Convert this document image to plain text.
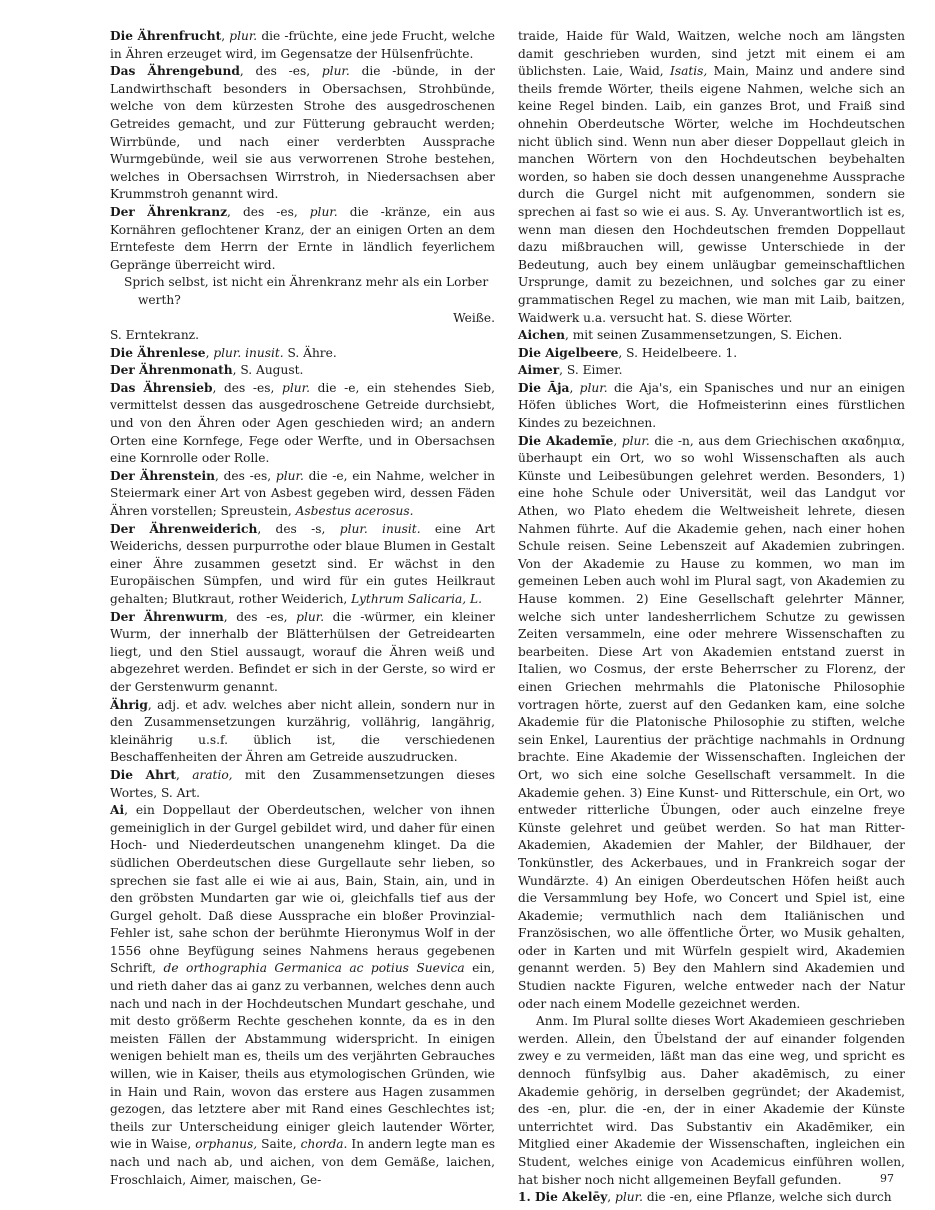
Die Ährenfrucht, plur. die -früchte, eine jede Frucht, welche in Ähren erzeuget wird, im Gegensatze der Hülsenfrüchte.

Das Ährengebund, des -es, plur. die -bünde, in der Landwirthschaft besonders in Obersachsen, Strohbünde, welche von dem kürzesten Strohe des ausgedroschenen Getreides gemacht, und zur Fütterung gebraucht werden; Wirrbünde, und nach einer verderbten Aussprache Wurmgebünde, weil sie aus verworrenen Strohe bestehen, welches in Obersachsen Wirrstroh, in Niedersachsen aber Krummstroh genannt wird.

Der Ährenkranz, des -es, plur. die -kränze, ein aus Kornähren geflochtener Kranz, der an einigen Orten an dem Erntefeste dem Herrn der Ernte in ländlich feyerlichem Gepränge überreicht wird.

Sprich selbst, ist nicht ein Ährenkranz mehr als ein Lorber
werth?

Weiße.

S. Erntekranz.

Die Ährenlese, plur. inusit. S. Ähre.

Der Ährenmonath, S. August.

Das Ährensieb, des -es, plur. die -e, ein stehendes Sieb, vermittelst dessen das ausgedroschene Getreide durchsiebt, und von den Ähren oder Agen geschieden wird; an andern Orten eine Kornfege, Fege oder Werfte, und in Obersachsen eine Kornrolle oder Rolle.

Der Ährenstein, des -es, plur. die -e, ein Nahme, welcher in Steiermark einer Art von Asbest gegeben wird, dessen Fäden Ähren vorstellen; Spreustein, Asbestus acerosus.

Der Ährenweiderich, des -s, plur. inusit. eine Art Weiderichs, dessen purpurrothe oder blaue Blumen in Gestalt einer Ähre zusammen gesetzt sind. Er wächst in den Europäischen Sümpfen, und wird für ein gutes Heilkraut gehalten; Blutkraut, rother Weiderich, Lythrum Salicaria, L.

Der Ährenwurm, des -es, plur. die -würmer, ein kleiner Wurm, der innerhalb der Blätterhülsen der Getreidearten liegt, und den Stiel aussaugt, worauf die Ähren weiß und abgezehret werden. Befindet er sich in der Gerste, so wird er der Gerstenwurm genannt.

Ährig, adj. et adv. welches aber nicht allein, sondern nur in den Zusammensetzungen kurzährig, vollährig, langährig, kleinährig u.s.f. üblich ist, die verschiedenen Beschaffenheiten der Ähren am Getreide auszudrucken.

Die Ahrt, aratio, mit den Zusammensetzungen dieses Wortes, S. Art.

Ai, ein Doppellaut der Oberdeutschen, welcher von ihnen gemeiniglich in der Gurgel gebildet wird, und daher für einen Hoch- und Niederdeutschen unangenehm klinget. Da die südlichen Oberdeutschen diese Gurgellaute sehr lieben, so sprechen sie fast alle ei wie ai aus, Bain, Stain, ain, und in den gröbsten Mundarten gar wie oi, gleichfalls tief aus der Gurgel geholt. Daß diese Aussprache ein bloßer Provinzial-Fehler ist, sahe schon der berühmte Hieronymus Wolf in der 1556 ohne Beyfügung seines Nahmens heraus gegebenen Schrift, de orthographia Germanica ac potius Suevica ein, und rieth daher das ai ganz zu verbannen, welches denn auch nach und nach in der Hochdeutschen Mundart geschahe, und mit desto größerm Rechte geschehen konnte, da es in den meisten Fällen der Abstammung widerspricht. In einigen wenigen behielt man es, theils um des verjährten Gebrauches willen, wie in Kaiser, theils aus etymologischen Gründen, wie in Hain und Rain, wovon das erstere aus Hagen zusammen gezogen, das letztere aber mit Rand eines Geschlechtes ist; theils zur Unterscheidung einiger gleich lautender Wörter, wie in Waise, orphanus, Saite, chorda. In andern legte man es nach und nach ab, und aichen, von dem Gemäße, laichen, Froschlaich, Aimer, maischen, Ge-

traide, Haide für Wald, Waitzen, welche noch am längsten damit geschrieben wurden, sind jetzt mit einem ei am üblichsten. Laie, Waid, Isatis, Main, Mainz und andere sind theils fremde Wörter, theils eigene Nahmen, welche sich an keine Regel binden. Laib, ein ganzes Brot, und Fraiß sind ohnehin Oberdeutsche Wörter, welche im Hochdeutschen nicht üblich sind. Wenn nun aber dieser Doppellaut gleich in manchen Wörtern von den Hochdeutschen beybehalten worden, so haben sie doch dessen unangenehme Aussprache durch die Gurgel nicht mit aufgenommen, sondern sie sprechen ai fast so wie ei aus. S. Ay. Unverantwortlich ist es, wenn man diesen den Hochdeutschen fremden Doppellaut dazu mißbrauchen will, gewisse Unterschiede in der Bedeutung, auch bey einem unläugbar gemeinschaftlichen Ursprunge, damit zu bezeichnen, und solches gar zu einer grammatischen Regel zu machen, wie man mit Laib, baitzen, Waidwerk u.a. versucht hat. S. diese Wörter.

Aichen, mit seinen Zusammensetzungen, S. Eichen.

Die Aigelbeere, S. Heidelbeere. 1.

Aimer, S. Eimer.

Die Āja, plur. die Aja's, ein Spanisches und nur an einigen Höfen übliches Wort, die Hofmeisterinn eines fürstlichen Kindes zu bezeichnen.

Die Akademīe, plur. die -n, aus dem Griechischen ακαδημια, überhaupt ein Ort, wo so wohl Wissenschaften als auch Künste und Leibesübungen gelehret werden. Besonders, 1) eine hohe Schule oder Universität, weil das Landgut vor Athen, wo Plato ehedem die Weltweisheit lehrete, diesen Nahmen führte. Auf die Akademie gehen, nach einer hohen Schule reisen. Seine Lebenszeit auf Akademien zubringen. Von der Akademie zu Hause zu kommen, wo man im gemeinen Leben auch wohl im Plural sagt, von Akademien zu Hause kommen. 2) Eine Gesellschaft gelehrter Männer, welche sich unter landesherrlichem Schutze zu gewissen Zeiten versammeln, eine oder mehrere Wissenschaften zu bearbeiten. Diese Art von Akademien entstand zuerst in Italien, wo Cosmus, der erste Beherrscher zu Florenz, der einen Griechen mehrmahls die Platonische Philosophie vortragen hörte, zuerst auf den Gedanken kam, eine solche Akademie für die Platonische Philosophie zu stiften, welche sein Enkel, Laurentius der prächtige nachmahls in Ordnung brachte. Eine Akademie der Wissenschaften. Ingleichen der Ort, wo sich eine solche Gesellschaft versammelt. In die Akademie gehen. 3) Eine Kunst- und Ritterschule, ein Ort, wo entweder ritterliche Übungen, oder auch einzelne freye Künste gelehret und geübet werden. So hat man Ritter-Akademien, Akademien der Mahler, der Bildhauer, der Tonkünstler, des Ackerbaues, und in Frankreich sogar der Wundärzte. 4) An einigen Oberdeutschen Höfen heißt auch die Versammlung bey Hofe, wo Concert und Spiel ist, eine Akademie; vermuthlich nach dem Italiänischen und Französischen, wo alle öffentliche Örter, wo Musik gehalten, oder in Karten und mit Würfeln gespielt wird, Akademien genannt werden. 5) Bey den Mahlern sind Akademien und Studien nackte Figuren, welche entweder nach der Natur oder nach einem Modelle gezeichnet werden.

Anm. Im Plural sollte dieses Wort Akademieen geschrieben werden. Allein, den Übelstand der auf einander folgenden zwey e zu vermeiden, läßt man das eine weg, und spricht es dennoch fünfsylbig aus. Daher akadēmisch, zu einer Akademie gehörig, in derselben gegründet; der Akademist, des -en, plur. die -en, der in einer Akademie der Künste unterrichtet wird. Das Substantiv ein Akadēmiker, ein Mitglied einer Akademie der Wissenschaften, ingleichen ein Student, welches einige von Academicus einführen wollen, hat bisher noch nicht allgemeinen Beyfall gefunden.

1. Die Akelēy, plur. die -en, eine Pflanze, welche sich durch

97
